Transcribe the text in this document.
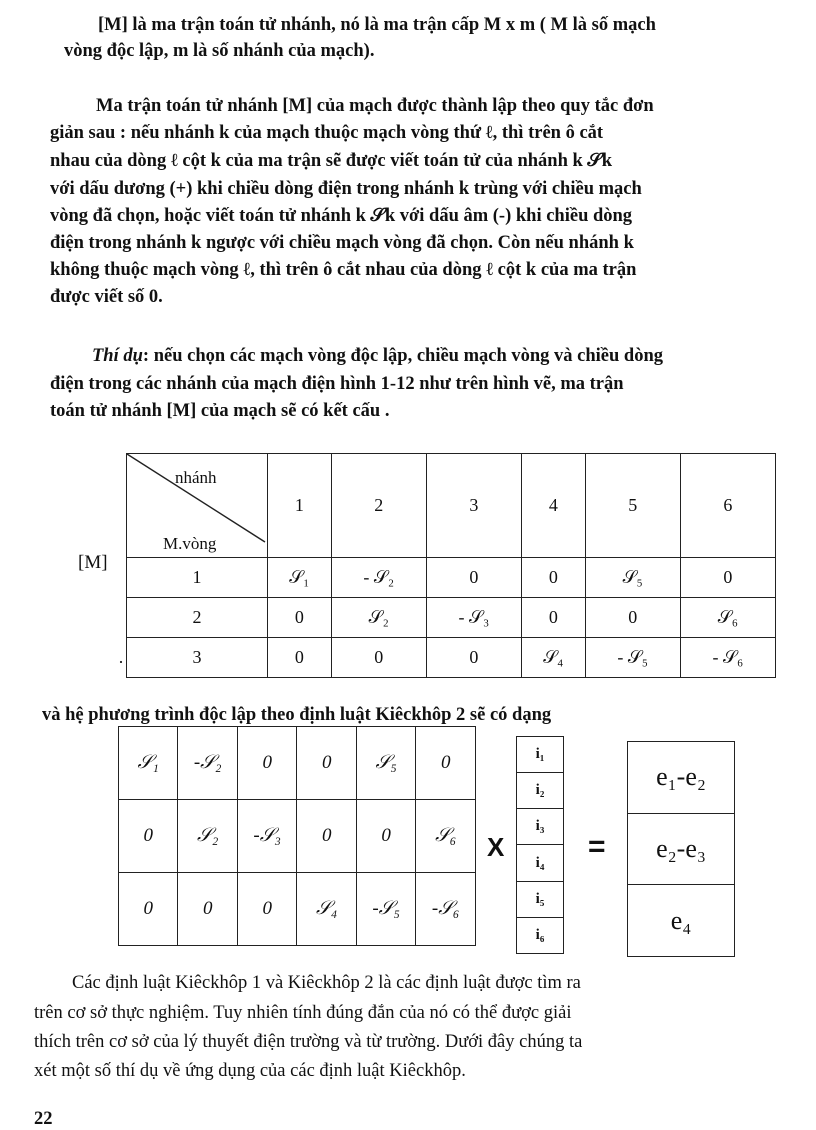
[M] là ma trận toán tử nhánh, nó là ma trận cấp M x m ( M là số mạch
vòng độc lập, m là số nhánh của mạch).
Ma trận toán tử nhánh [M] của mạch được thành lập theo quy tắc đơn
giản sau : nếu nhánh k của mạch thuộc mạch vòng thứ ℓ, thì trên ô cắt
nhau của dòng ℓ cột k của ma trận sẽ được viết toán tử của nhánh k 𝒮k
với dấu dương (+) khi chiều dòng điện trong nhánh k trùng với chiều mạch
vòng đã chọn, hoặc viết toán tử nhánh k 𝒮k với dấu âm (-) khi chiều dòng
điện trong nhánh k ngược với chiều mạch vòng đã chọn. Còn nếu nhánh k
không thuộc mạch vòng ℓ, thì trên ô cắt nhau của dòng ℓ cột k của ma trận
được viết số 0.
Thí dụ: nếu chọn các mạch vòng độc lập, chiều mạch vòng và chiều dòng
điện trong các nhánh của mạch điện hình 1-12 như trên hình vẽ, ma trận
toán tử nhánh [M] của mạch sẽ có kết cấu .
[M]
·
nhánh
M.vòng	1	2	3	4	5	6
1	𝒮₁	- 𝒮₂	0	0	𝒮₅	0
2	0	𝒮₂	- 𝒮₃	0	0	𝒮₆
3	0	0	0	𝒮₄	- 𝒮₅	- 𝒮₆
và hệ phương trình độc lập theo định luật Kiêckhôp 2 sẽ có dạng
𝒮₁	-𝒮₂	0	0	𝒮₅	0
0	𝒮₂	-𝒮₃	0	0	𝒮₆
0	0	0	𝒮₄	-𝒮₅	-𝒮₆
X
i₁
i₂
i₃
i₄
i₅
i₆
=
e₁-e₂
e₂-e₃
e₄
Các định luật Kiêckhôp 1 và Kiêckhôp 2 là các định luật được tìm ra
trên cơ sở thực nghiệm. Tuy nhiên tính đúng đắn của nó có thể được giải
thích trên cơ sở của lý thuyết điện trường và từ trường. Dưới đây chúng ta
xét một số thí dụ về ứng dụng của các định luật Kiêckhôp.
22
